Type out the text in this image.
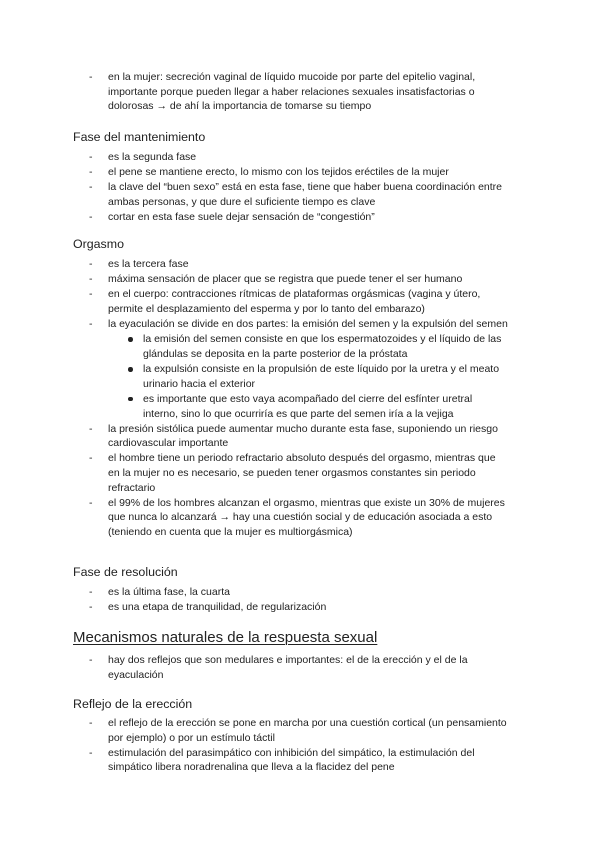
- en la mujer: secreción vaginal de líquido mucoide por parte del epitelio vaginal, importante porque pueden llegar a haber relaciones sexuales insatisfactorias o dolorosas → de ahí la importancia de tomarse su tiempo
Fase del mantenimiento
- es la segunda fase
- el pene se mantiene erecto, lo mismo con los tejidos eréctiles de la mujer
- la clave del “buen sexo” está en esta fase, tiene que haber buena coordinación entre ambas personas, y que dure el suficiente tiempo es clave
- cortar en esta fase suele dejar sensación de “congestión”
Orgasmo
- es la tercera fase
- máxima sensación de placer que se registra que puede tener el ser humano
- en el cuerpo: contracciones rítmicas de plataformas orgásmicas (vagina y útero, permite el desplazamiento del esperma y por lo tanto del embarazo)
- la eyaculación se divide en dos partes: la emisión del semen y la expulsión del semen
la emisión del semen consiste en que los espermatozoides y el líquido de las glándulas se deposita en la parte posterior de la próstata
la expulsión consiste en la propulsión de este líquido por la uretra y el meato urinario hacia el exterior
es importante que esto vaya acompañado del cierre del esfínter uretral interno, sino lo que ocurriría es que parte del semen iría a la vejiga
- la presión sistólica puede aumentar mucho durante esta fase, suponiendo un riesgo cardiovascular importante
- el hombre tiene un periodo refractario absoluto después del orgasmo, mientras que en la mujer no es necesario, se pueden tener orgasmos constantes sin periodo refractario
- el 99% de los hombres alcanzan el orgasmo, mientras que existe un 30% de mujeres que nunca lo alcanzará → hay una cuestión social y de educación asociada a esto (teniendo en cuenta que la mujer es multiorgásmica)
Fase de resolución
- es la última fase, la cuarta
- es una etapa de tranquilidad, de regularización
Mecanismos naturales de la respuesta sexual
- hay dos reflejos que son medulares e importantes: el de la erección y el de la eyaculación
Reflejo de la erección
- el reflejo de la erección se pone en marcha por una cuestión cortical (un pensamiento por ejemplo) o por un estímulo táctil
- estimulación del parasimpático con inhibición del simpático, la estimulación del simpático libera noradrenalina que lleva a la flacidez del pene
